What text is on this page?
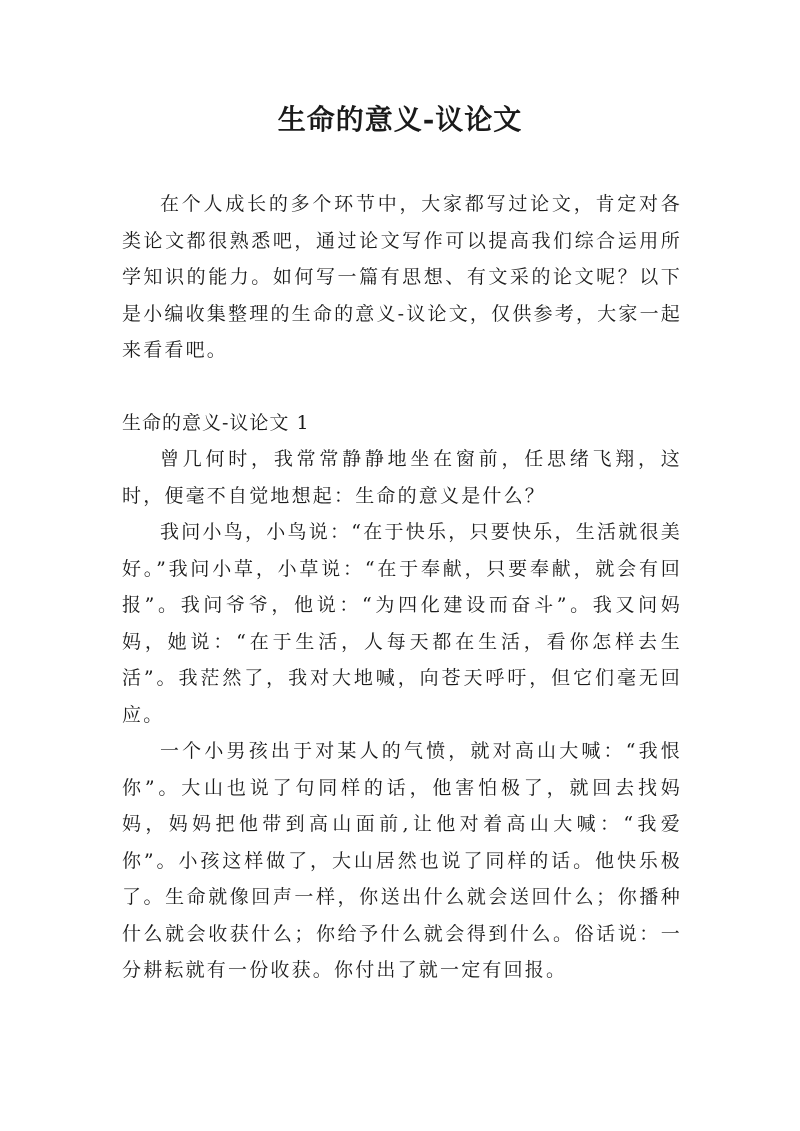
生命的意义-议论文

在个人成长的多个环节中，大家都写过论文，肯定对各类论文都很熟悉吧，通过论文写作可以提高我们综合运用所学知识的能力。如何写一篇有思想、有文采的论文呢？以下是小编收集整理的生命的意义-议论文，仅供参考，大家一起来看看吧。

生命的意义-议论文 1

曾几何时，我常常静静地坐在窗前，任思绪飞翔，这时，便毫不自觉地想起：生命的意义是什么？

我问小鸟，小鸟说：“在于快乐，只要快乐，生活就很美好。”我问小草，小草说：“在于奉献，只要奉献，就会有回报”。我问爷爷，他说：“为四化建设而奋斗”。我又问妈妈，她说：“在于生活，人每天都在生活，看你怎样去生活”。我茫然了，我对大地喊，向苍天呼吁，但它们毫无回应。

一个小男孩出于对某人的气愤，就对高山大喊：“我恨你”。大山也说了句同样的话，他害怕极了，就回去找妈妈，妈妈把他带到高山面前,让他对着高山大喊：“我爱你”。小孩这样做了，大山居然也说了同样的话。他快乐极了。生命就像回声一样，你送出什么就会送回什么；你播种什么就会收获什么；你给予什么就会得到什么。俗话说：一分耕耘就有一份收获。你付出了就一定有回报。
